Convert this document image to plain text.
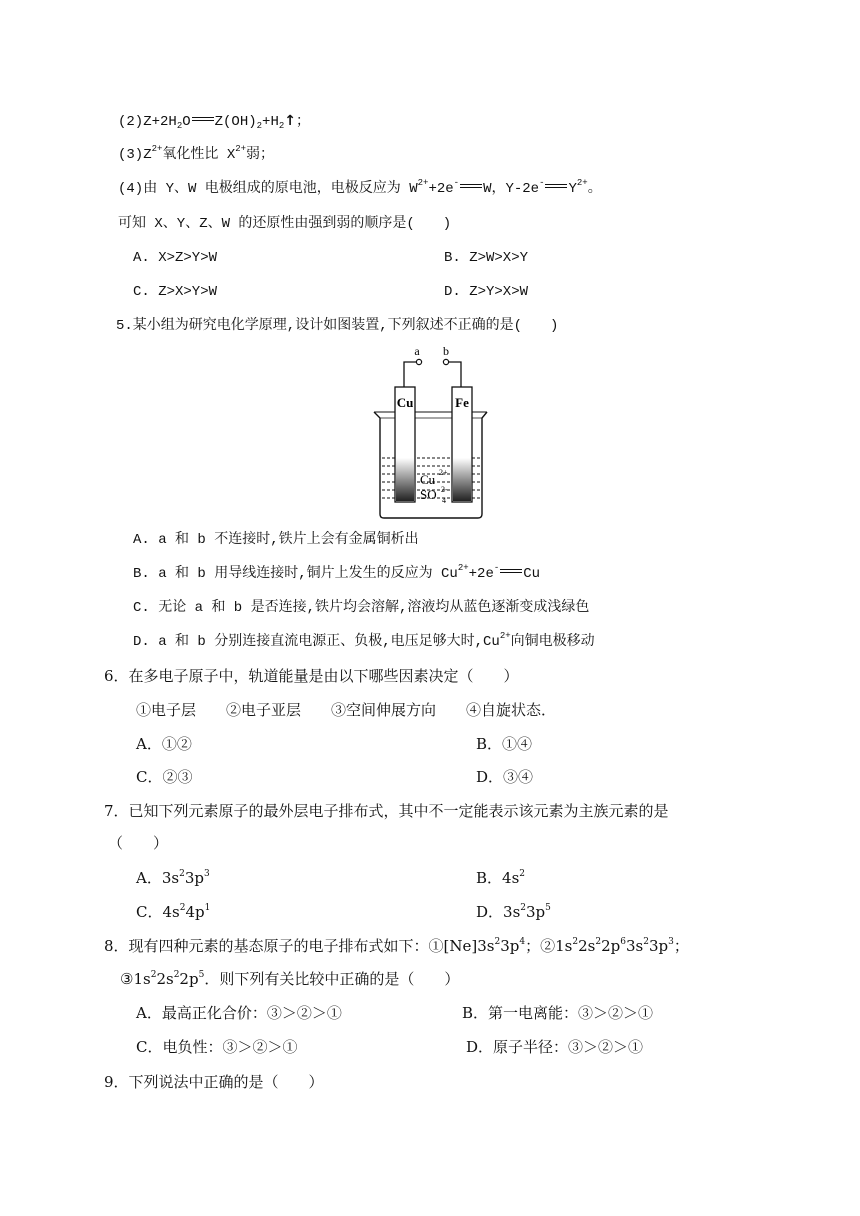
$(2)Z+2H_2O$ $Z(OH)_2+H_2↑$；
$(3)Z^{2+}$氧化性比 $X^{2+}$弱；
(4)由 Y、W 电极组成的原电池，电极反应为 $W^{2+}+2e^-$ W，Y-2e- $Y^{2+}$。
可知 X、Y、Z、W 的还原性由强到弱的顺序是(　　)
A. X>Z>Y>W	B. Z>W>X>Y
C. Z>X>Y>W	D. Z>Y>X>W
5.某小组为研究电化学原理,设计如图装置,下列叙述不正确的是(　　)
a b
Cu	Fe
Cu 2+
SO 4
2-
A. a 和 b 不连接时,铁片上会有金属铜析出
B. a 和 b 用导线连接时,铜片上发生的反应为 $Cu^{2+}+2e^-$ Cu
C. 无论 a 和 b 是否连接,铁片均会溶解,溶液均从蓝色逐渐变成浅绿色
D. a 和 b 分别连接直流电源正、负极,电压足够大时$,Cu^{2+}$向铜电极移动
6．在多电子原子中，轨道能量是由以下哪些因素决定（　　）
①电子层　　②电子亚层　　③空间伸展方向　　④自旋状态．
A．①②	B．①④
C．②③	D．③④
7．已知下列元素原子的最外层电子排布式，其中不一定能表示该元素为主族元素的是
（　　）
A．$3s^23p^3$	B．$4s^2$
C．$4s^24p^1$	D．$3s^23p^5$
8．现有四种元素的基态原子的电子排布式如下：$①[Ne]3s^23p^4$；$②1s^22s^22p^63s^23p^3$；
$③1s^22s^22p^5$．则下列有关比较中正确的是（　　）
A．最高正化合价：③＞②＞①	B．第一电离能：③＞②＞①
C．电负性：③＞②＞①	D．原子半径：③＞②＞①
9．下列说法中正确的是（　　）
